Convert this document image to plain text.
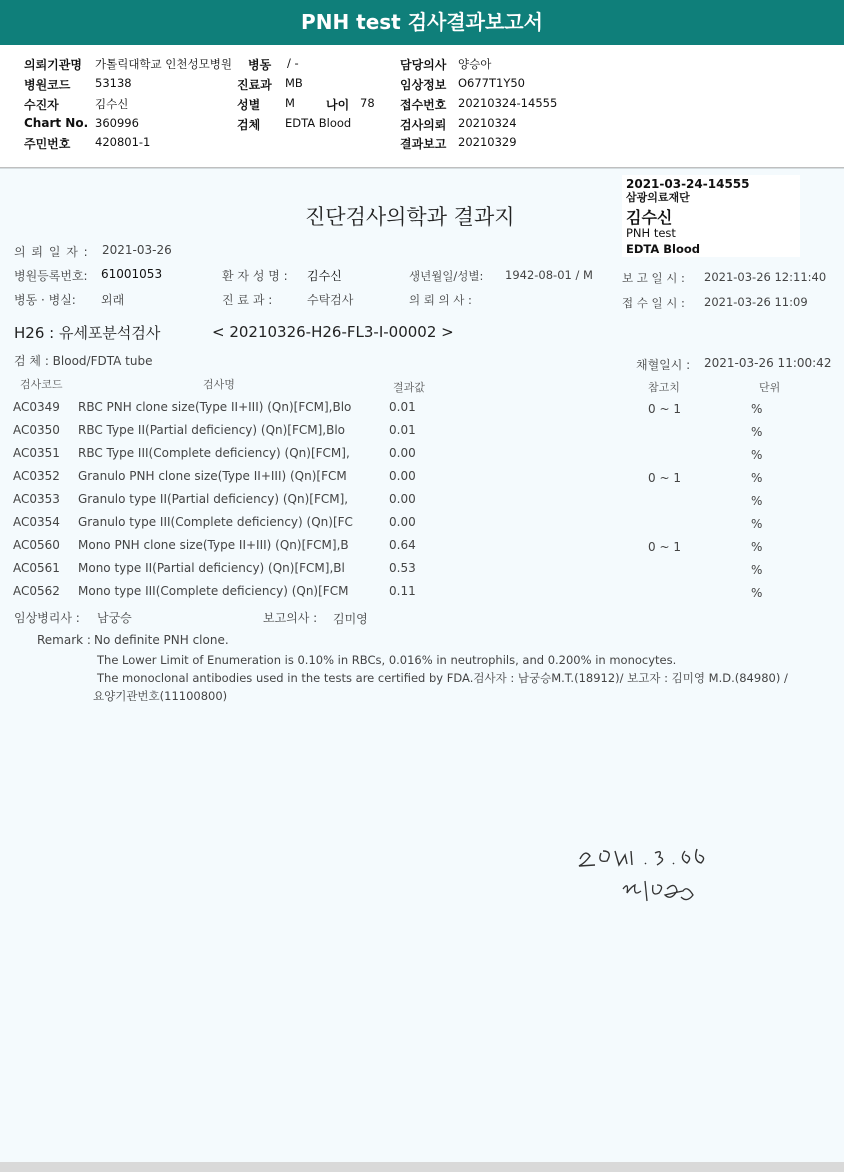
PNH test 검사결과보고서
의뢰기관명 가톨릭대학교 인천성모병원 병동 / -	담당의사 양승아
병원코드 53138	진료과 MB	임상정보 O677T1Y50
수진자	김수신	성별 M	나이 78 접수번호 20210324-14555
Chart No. 360996	검체 EDTA Blood	검사의뢰 20210324
주민번호 420801-1	결과보고 20210329
진단검사의학과 결과지
의 뢰 일 자 : 2021-03-26
병원등록번호: 61001053	환 자 성 명 : 김수신	생년월일/성별: 1942-08-01 / M	보 고 일 시 : 2021-03-26 12:11:40
병동 · 병실: 외래	진 료 과 :	수탁검사	의 뢰 의 사 :	접 수 일 시 : 2021-03-26 11:09
H26 : 유세포분석검사	< 20210326-H26-FL3-I-00002 >
검 체 : Blood/FDTA tube	채혈일시 : 2021-03-26 11:00:42
검사코드	검사명	결과값	참고치	단위
AC0349 RBC PNH clone size(Type II+III) (Qn)[FCM],Blo	0.01	0 ~ 1	%
AC0350 RBC Type II(Partial deficiency) (Qn)[FCM],Blo	0.01	%
AC0351 RBC Type III(Complete deficiency) (Qn)[FCM],	0.00	%
AC0352 Granulo PNH clone size(Type II+III) (Qn)[FCM	0.00	0 ~ 1	%
AC0353 Granulo type II(Partial deficiency) (Qn)[FCM],	0.00	%
AC0354 Granulo type III(Complete deficiency) (Qn)[FC	0.00	%
AC0560 Mono PNH clone size(Type II+III) (Qn)[FCM],B	0.64	0 ~ 1	%
AC0561 Mono type II(Partial deficiency) (Qn)[FCM],Bl	0.53	%
AC0562 Mono type III(Complete deficiency) (Qn)[FCM	0.11	%
임상병리사 : 남궁승	보고의사 : 김미영
Remark : No definite PNH clone.
The Lower Limit of Enumeration is 0.10% in RBCs, 0.016% in neutrophils, and 0.200% in monocytes.
The monoclonal antibodies used in the tests are certified by FDA.검사자 : 남궁승M.T.(18912)/ 보고자 : 김미영 M.D.(84980) /
요양기관번호(11100800)
2021-03-24-14555
삼광의료재단
김수신
PNH test
EDTA Blood
